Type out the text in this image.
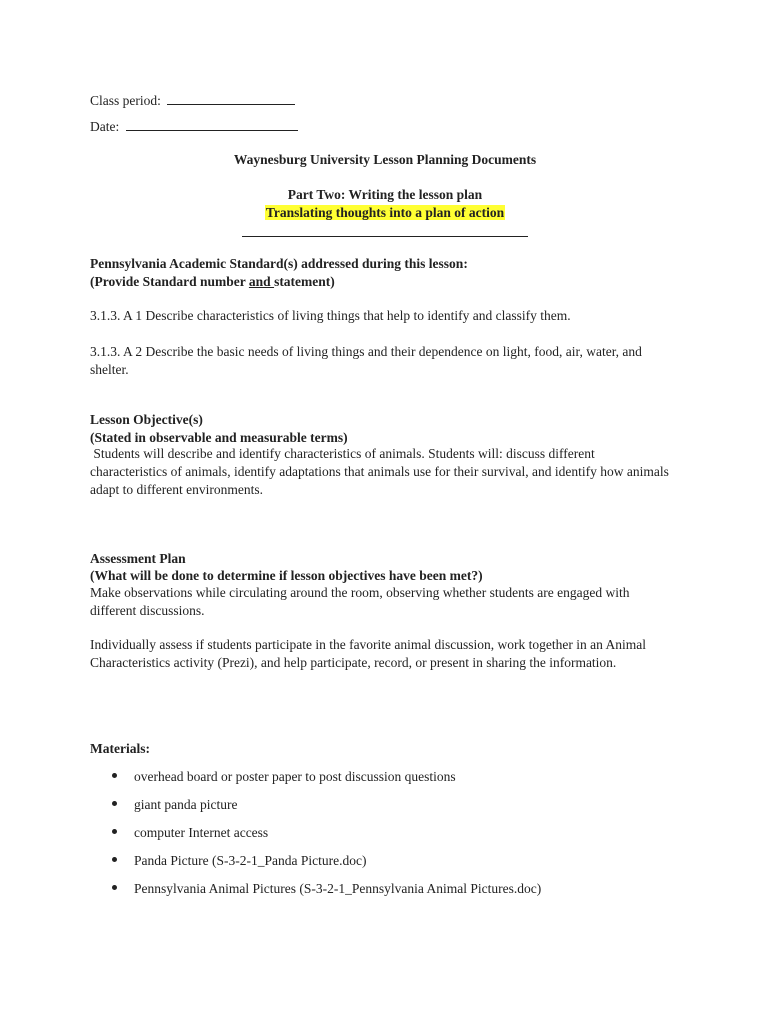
Class period:
Date:
Waynesburg University Lesson Planning Documents
Part Two: Writing the lesson plan
Translating thoughts into a plan of action
Pennsylvania Academic Standard(s) addressed during this lesson:
(Provide Standard number and statement)
3.1.3. A 1 Describe characteristics of living things that help to identify and classify them.
3.1.3. A 2 Describe the basic needs of living things and their dependence on light, food, air, water, and shelter.
Lesson Objective(s)
(Stated in observable and measurable terms)
Students will describe and identify characteristics of animals. Students will: discuss different characteristics of animals, identify adaptations that animals use for their survival, and identify how animals adapt to different environments.
Assessment Plan
(What will be done to determine if lesson objectives have been met?)
Make observations while circulating around the room, observing whether students are engaged with different discussions.
Individually assess if students participate in the favorite animal discussion, work together in an Animal Characteristics activity (Prezi), and help participate, record, or present in sharing the information.
Materials:
overhead board or poster paper to post discussion questions
giant panda picture
computer Internet access
Panda Picture (S-3-2-1_Panda Picture.doc)
Pennsylvania Animal Pictures (S-3-2-1_Pennsylvania Animal Pictures.doc)
